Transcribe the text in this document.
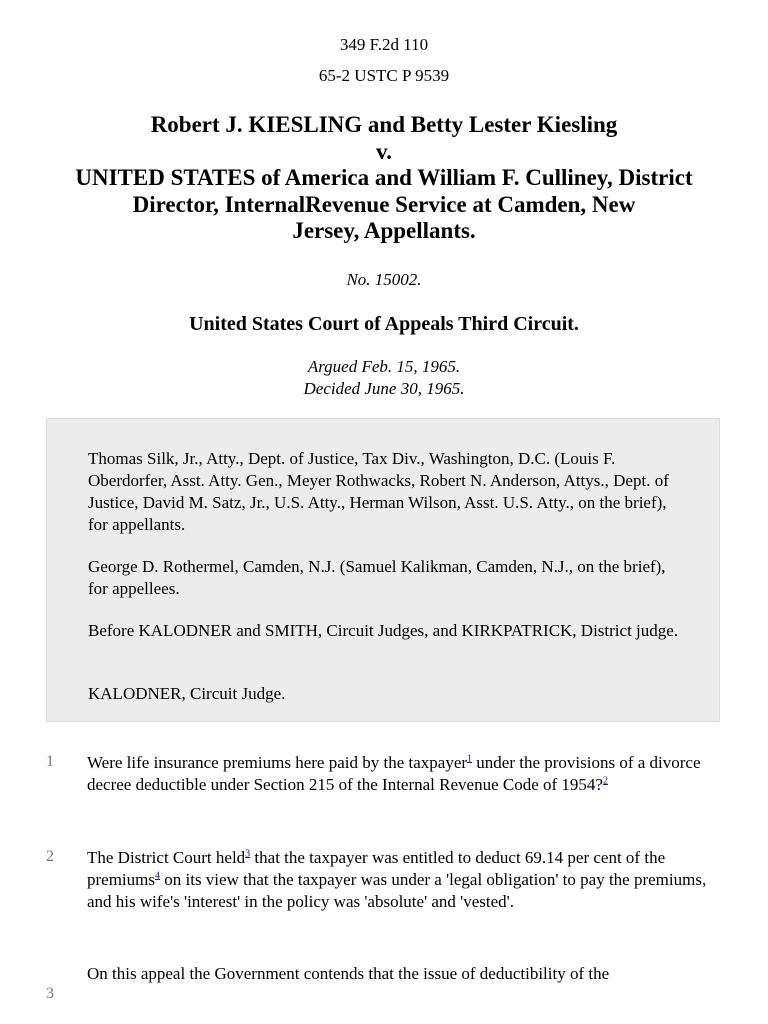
349 F.2d 110
65-2 USTC P 9539
Robert J. KIESLING and Betty Lester Kiesling
v.
UNITED STATES of America and William F. Culliney, District
Director, InternalRevenue Service at Camden, New
Jersey, Appellants.
No. 15002.
United States Court of Appeals Third Circuit.
Argued Feb. 15, 1965.
Decided June 30, 1965.

Thomas Silk, Jr., Atty., Dept. of Justice, Tax Div., Washington, D.C. (Louis F. Oberdorfer, Asst. Atty. Gen., Meyer Rothwacks, Robert N. Anderson, Attys., Dept. of Justice, David M. Satz, Jr., U.S. Atty., Herman Wilson, Asst. U.S. Atty., on the brief), for appellants.

George D. Rothermel, Camden, N.J. (Samuel Kalikman, Camden, N.J., on the brief), for appellees.

Before KALODNER and SMITH, Circuit Judges, and KIRKPATRICK, District judge.

KALODNER, Circuit Judge.

1 Were life insurance premiums here paid by the taxpayer$^1$ under the provisions of a divorce decree deductible under Section 215 of the Internal Revenue Code of 1954?$^2$

2 The District Court held$^3$ that the taxpayer was entitled to deduct 69.14 per cent of the premiums$^4$ on its view that the taxpayer was under a 'legal obligation' to pay the premiums, and his wife's 'interest' in the policy was 'absolute' and 'vested'.

3

On this appeal the Government contends that the issue of deductibility of the
